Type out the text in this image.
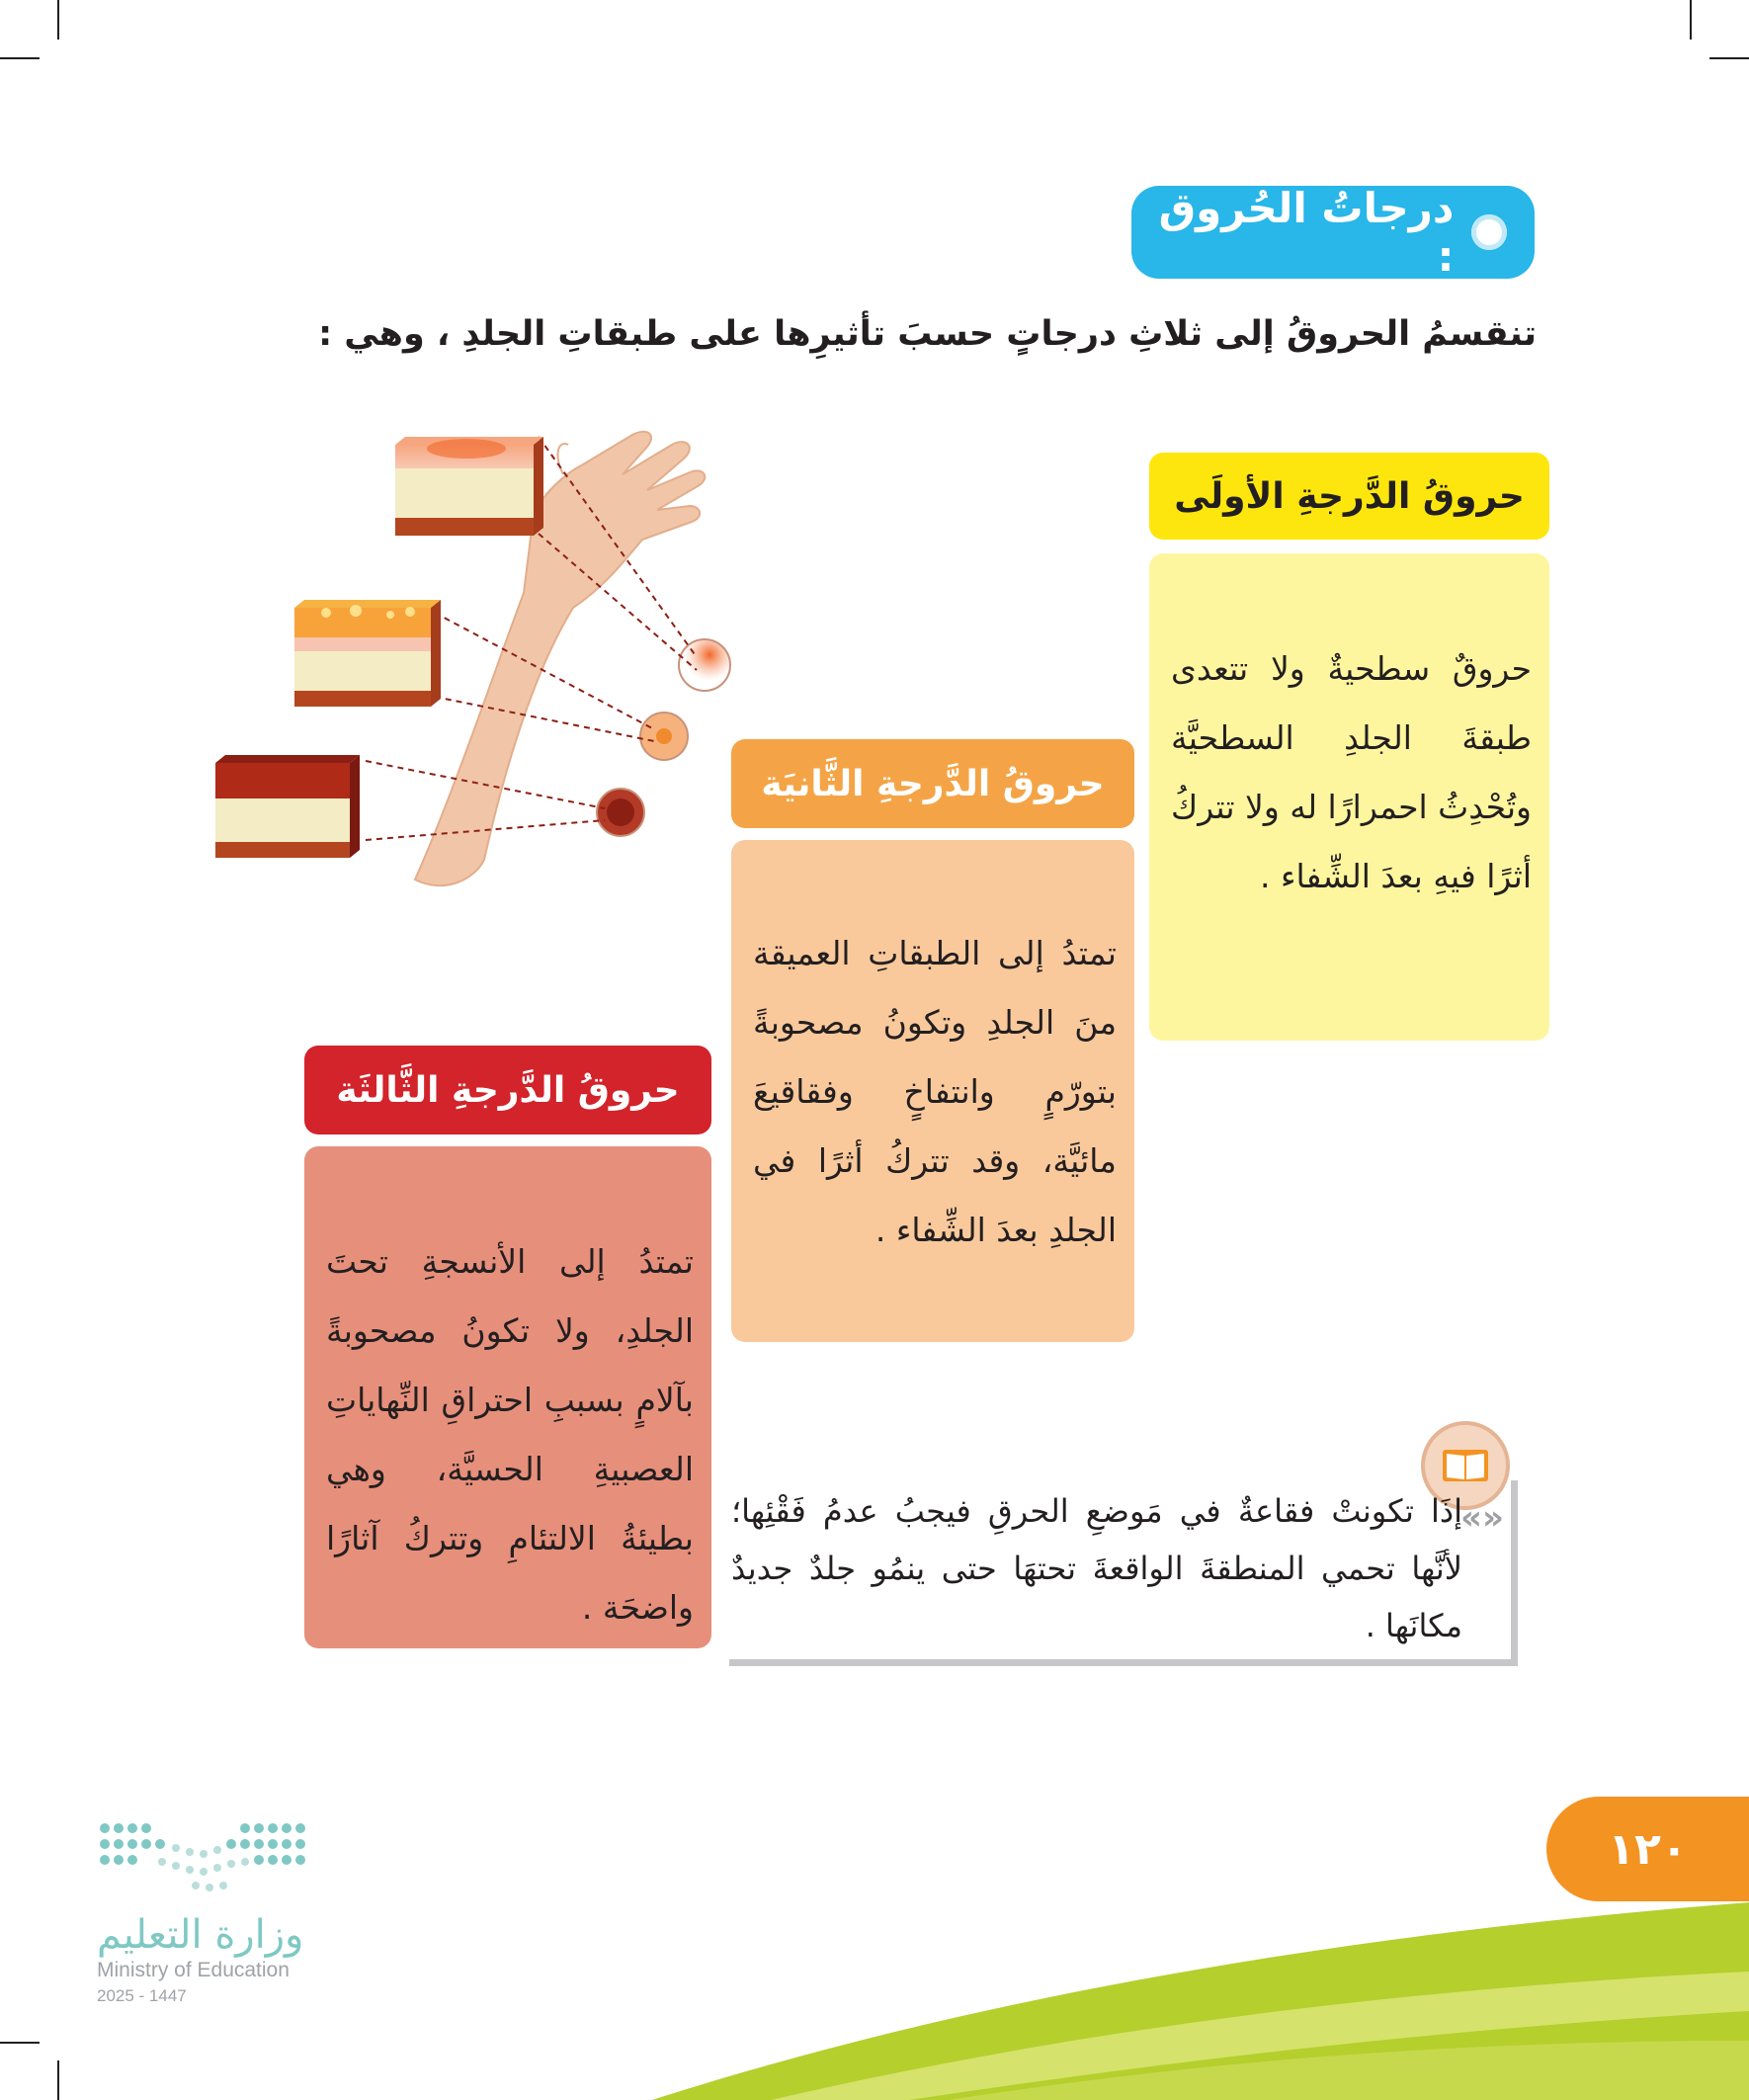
درجاتُ الحُروق :
تنقسمُ الحروقُ إلى ثلاثِ درجاتٍ حسبَ تأثيرِها على طبقاتِ الجلدِ ، وهي :
حروقُ الدَّرجةِ الأولَى

حروقٌ سطحيةٌ ولا تتعدى طبقةَ الجلدِ السطحيَّة وتُحْدِثُ احمرارًا له ولا تتركُ أثرًا فيهِ بعدَ الشِّفاء .

حروقُ الدَّرجةِ الثَّانيَة

تمتدُ إلى الطبقاتِ العميقة منَ الجلدِ وتكونُ مصحوبةً بتورّمٍ وانتفاخٍ وفقاقيعَ مائيَّة، وقد تتركُ أثرًا في الجلدِ بعدَ الشِّفاء .

حروقُ الدَّرجةِ الثَّالثَة

تمتدُ إلى الأنسجةِ تحتَ الجلدِ، ولا تكونُ مصحوبةً بآلامٍ بسببِ احتراقِ النِّهاياتِ العصبيةِ الحسيَّة، وهي بطيئةُ الالتئامِ وتتركُ آثارًا واضحَة .

«»
إذَا تكونتْ فقاعةٌ في مَوضعِ الحرقِ فيجبُ عدمُ فَقْئِها؛ لأنَّها تحمي المنطقةَ الواقعةَ تحتهَا حتى ينمُو جلدٌ جديدٌ مكانَها .
١٢٠
وزارة التعليم
Ministry of Education
2025 - 1447
